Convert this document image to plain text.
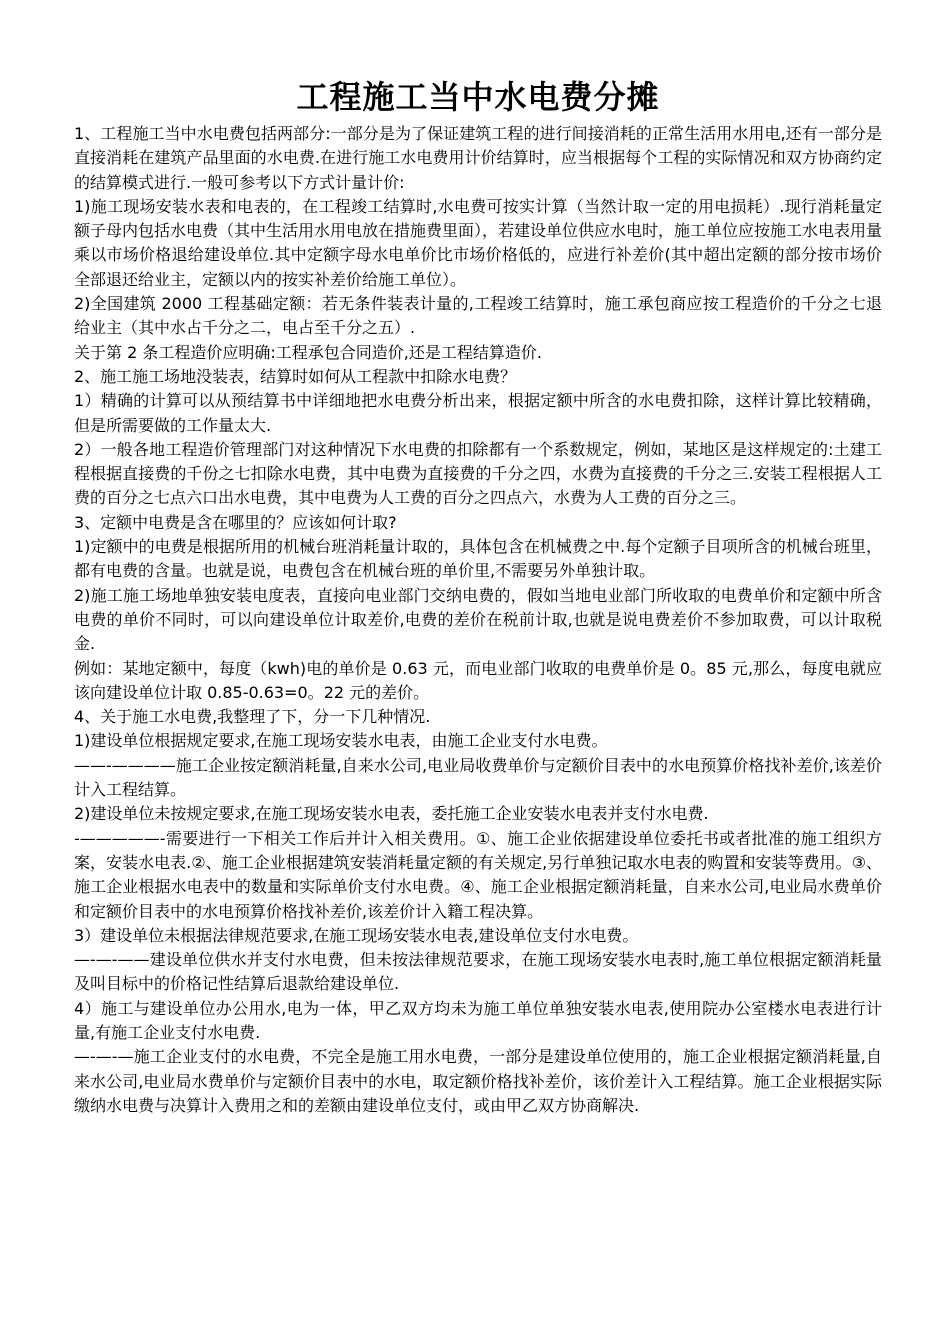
工程施工当中水电费分摊

1、工程施工当中水电费包括两部分:一部分是为了保证建筑工程的进行间接消耗的正常生活用水用电,还有一部分是直接消耗在建筑产品里面的水电费.在进行施工水电费用计价结算时，应当根据每个工程的实际情况和双方协商约定的结算模式进行.一般可参考以下方式计量计价:

1)施工现场安装水表和电表的，在工程竣工结算时,水电费可按实计算（当然计取一定的用电损耗）.现行消耗量定额子母内包括水电费（其中生活用水用电放在措施费里面），若建设单位供应水电时，施工单位应按施工水电表用量乘以市场价格退给建设单位.其中定额字母水电单价比市场价格低的，应进行补差价(其中超出定额的部分按市场价全部退还给业主，定额以内的按实补差价给施工单位）。

2)全国建筑 2000 工程基础定额：若无条件装表计量的,工程竣工结算时，施工承包商应按工程造价的千分之七退给业主（其中水占千分之二，电占至千分之五）.

关于第 2 条工程造价应明确:工程承包合同造价,还是工程结算造价.

2、施工施工场地没装表，结算时如何从工程款中扣除水电费？

1）精确的计算可以从预结算书中详细地把水电费分析出来，根据定额中所含的水电费扣除，这样计算比较精确，但是所需要做的工作量太大.

2）一般各地工程造价管理部门对这种情况下水电费的扣除都有一个系数规定，例如，某地区是这样规定的:土建工程根据直接费的千份之七扣除水电费，其中电费为直接费的千分之四，水费为直接费的千分之三.安装工程根据人工费的百分之七点六口出水电费，其中电费为人工费的百分之四点六，水费为人工费的百分之三。

3、定额中电费是含在哪里的？应该如何计取?

1)定额中的电费是根据所用的机械台班消耗量计取的，具体包含在机械费之中.每个定额子目项所含的机械台班里，都有电费的含量。也就是说，电费包含在机械台班的单价里,不需要另外单独计取。

2)施工施工场地单独安装电度表，直接向电业部门交纳电费的，假如当地电业部门所收取的电费单价和定额中所含电费的单价不同时，可以向建设单位计取差价,电费的差价在税前计取,也就是说电费差价不参加取费，可以计取税金.

例如：某地定额中，每度（kwh)电的单价是 0.63 元，而电业部门收取的电费单价是 0。85 元,那么，每度电就应该向建设单位计取 0.85-0.63=0。22 元的差价。

4、关于施工水电费,我整理了下，分一下几种情况.

1)建设单位根据规定要求,在施工现场安装水电表，由施工企业支付水电费。

——-————施工企业按定额消耗量,自来水公司,电业局收费单价与定额价目表中的水电预算价格找补差价,该差价计入工程结算。

2)建设单位未按规定要求,在施工现场安装水电表，委托施工企业安装水电表并支付水电费.

-—————-需要进行一下相关工作后并计入相关费用。①、施工企业依据建设单位委托书或者批准的施工组织方案，安装水电表.②、施工企业根据建筑安装消耗量定额的有关规定,另行单独记取水电表的购置和安装等费用。③、施工企业根据水电表中的数量和实际单价支付水电费。④、施工企业根据定额消耗量，自来水公司,电业局水费单价和定额价目表中的水电预算价格找补差价,该差价计入籍工程决算。

3）建设单位未根据法律规范要求,在施工现场安装水电表,建设单位支付水电费。

—-—-——建设单位供水并支付水电费，但未按法律规范要求，在施工现场安装水电表时,施工单位根据定额消耗量及叫目标中的价格记性结算后退款给建设单位.

4）施工与建设单位办公用水,电为一体，甲乙双方均未为施工单位单独安装水电表,使用院办公室楼水电表进行计量,有施工企业支付水电费.

—-—-—施工企业支付的水电费，不完全是施工用水电费，一部分是建设单位使用的，施工企业根据定额消耗量,自来水公司,电业局水费单价与定额价目表中的水电，取定额价格找补差价，该价差计入工程结算。施工企业根据实际缴纳水电费与决算计入费用之和的差额由建设单位支付，或由甲乙双方协商解决.
